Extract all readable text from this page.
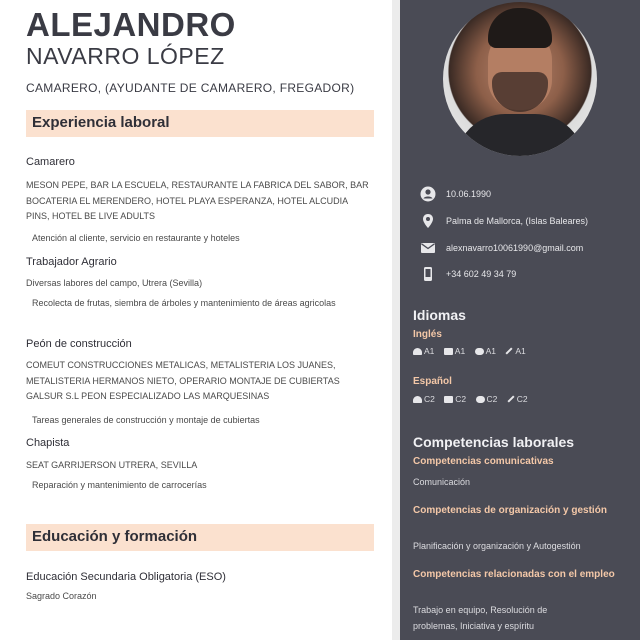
ALEJANDRO
NAVARRO LÓPEZ
CAMARERO, (AYUDANTE DE CAMARERO, FREGADOR)
Experiencia laboral
Camarero
MESON PEPE, BAR LA ESCUELA, RESTAURANTE LA FABRICA DEL SABOR, BAR BOCATERIA EL MERENDERO, HOTEL PLAYA ESPERANZA, HOTEL ALCUDIA PINS, HOTEL BE LIVE ADULTS
Atención al cliente, servicio en restaurante y hoteles
Trabajador Agrario
Diversas labores del campo, Utrera (Sevilla)
Recolecta de frutas, siembra de árboles y mantenimiento de áreas agricolas
Peón de construcción
COMEUT CONSTRUCCIONES METALICAS, METALISTERIA LOS JUANES, METALISTERIA HERMANOS NIETO, OPERARIO MONTAJE DE CUBIERTAS GALSUR S.L PEON ESPECIALIZADO LAS MARQUESINAS
Tareas generales de construcción y montaje de cubiertas
Chapista
SEAT GARRIJERSON UTRERA, SEVILLA
Reparación y mantenimiento de carrocerías
Educación y formación
Educación Secundaria Obligatoria (ESO)
Sagrado Corazón
10.06.1990
Palma de Mallorca, (Islas Baleares)
alexnavarro10061990@gmail.com
+34 602 49 34 79
Idiomas
Inglés
A1 A1 A1 A1
Español
C2 C2 C2 C2
Competencias laborales
Competencias comunicativas
Comunicación
Competencias de organización y gestión
Planificación y organización y Autogestión
Competencias relacionadas con el empleo
Trabajo en equipo, Resolución de problemas, Iniciativa y espíritu
